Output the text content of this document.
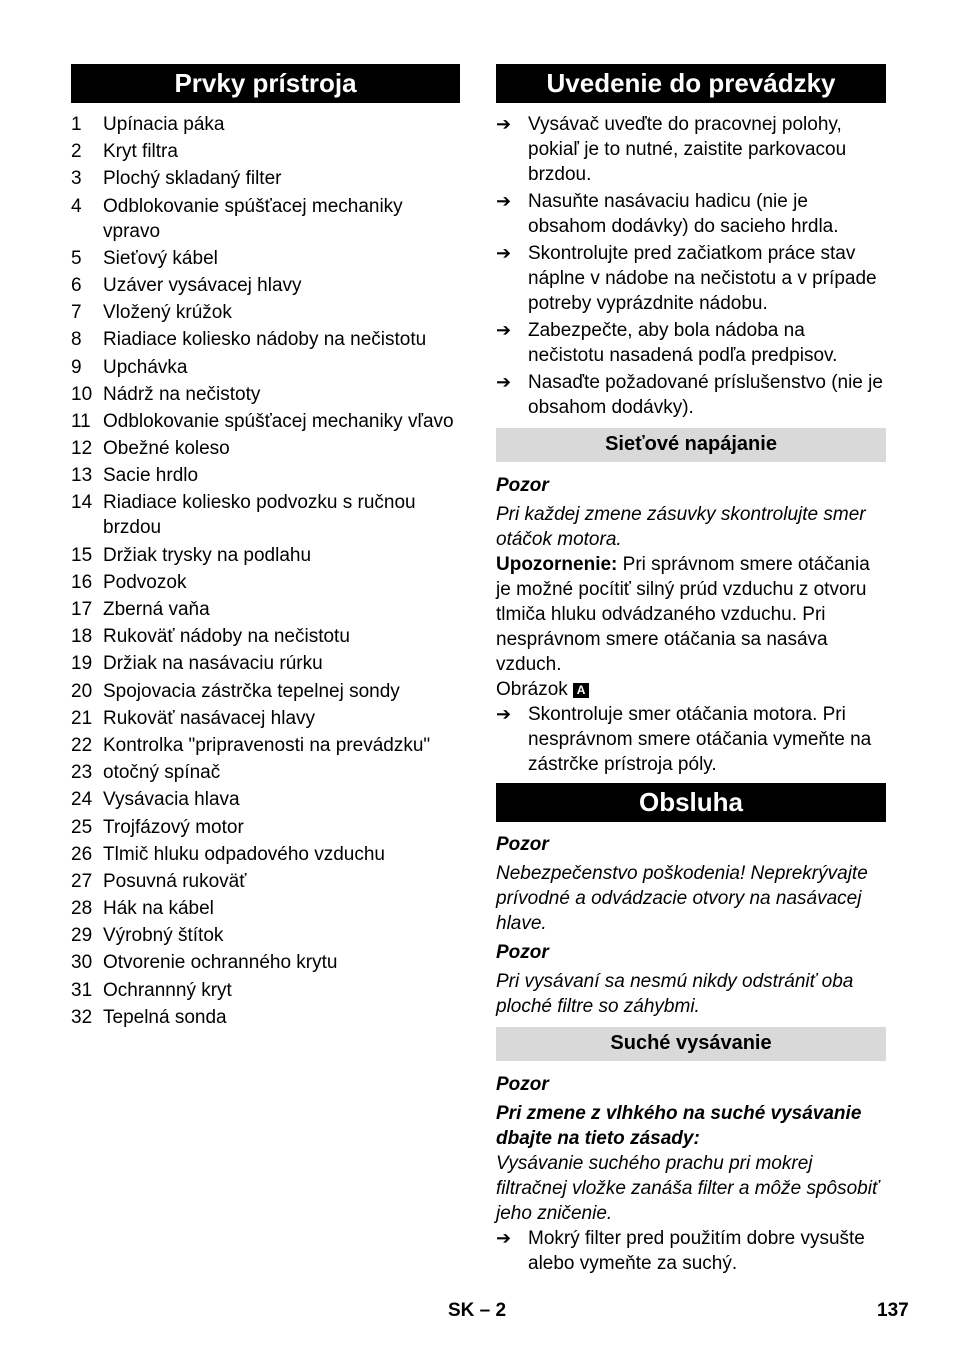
Prvky prístroja
1	Upínacia páka
2	Kryt filtra
3	Plochý skladaný filter
4	Odblokovanie spúšťacej mechaniky vpravo
5	Sieťový kábel
6	Uzáver vysávacej hlavy
7	Vložený krúžok
8	Riadiace koliesko nádoby na nečistotu
9	Upchávka
10 Nádrž na nečistoty
11 Odblokovanie spúšťacej mechaniky vľavo
12 Obežné koleso
13 Sacie hrdlo
14 Riadiace koliesko podvozku s ručnou brzdou
15 Držiak trysky na podlahu
16 Podvozok
17 Zberná vaňa
18 Rukoväť nádoby na nečistotu
19 Držiak na nasávaciu rúrku
20 Spojovacia zástrčka tepelnej sondy
21 Rukoväť nasávacej hlavy
22 Kontrolka "pripravenosti na prevádzku"
23 otočný spínač
24 Vysávacia hlava
25 Trojfázový motor
26 Tlmič hluku odpadového vzduchu
27 Posuvná rukoväť
28 Hák na kábel
29 Výrobný štítok
30 Otvorenie ochranného krytu
31 Ochrannný kryt
32 Tepelná sonda
Uvedenie do prevádzky
➔ Vysávač uveďte do pracovnej polohy, pokiaľ je to nutné, zaistite parkovacou brzdou.
➔ Nasuňte nasávaciu hadicu (nie je obsahom dodávky) do sacieho hrdla.
➔ Skontrolujte pred začiatkom práce stav náplne v nádobe na nečistotu a v prípade potreby vyprázdnite nádobu.
➔ Zabezpečte, aby bola nádoba na nečistotu nasadená podľa predpisov.
➔ Nasaďte požadované príslušenstvo (nie je obsahom dodávky).
Sieťové napájanie

Pozor

Pri každej zmene zásuvky skontrolujte smer otáčok motora.

Upozornenie: Pri správnom smere otáčania je možné pocítiť silný prúd vzduchu z otvoru tlmiča hluku odvádzaného vzduchu. Pri nesprávnom smere otáčania sa nasáva vzduch.

Obrázok A

➔ Skontroluje smer otáčania motora. Pri nesprávnom smere otáčania vymeňte na zástrčke prístroja póly.
Obsluha

Pozor

Nebezpečenstvo poškodenia! Neprekrývajte prívodné a odvádzacie otvory na nasávacej hlave.

Pozor

Pri vysávaní sa nesmú nikdy odstrániť oba ploché filtre so záhybmi.

Suché vysávanie

Pozor

Pri zmene z vlhkého na suché vysávanie dbajte na tieto zásady:

Vysávanie suchého prachu pri mokrej filtračnej vložke zanáša filter a môže spôsobiť jeho zničenie.

➔ Mokrý filter pred použitím dobre vysušte alebo vymeňte za suchý.
SK – 2	137
